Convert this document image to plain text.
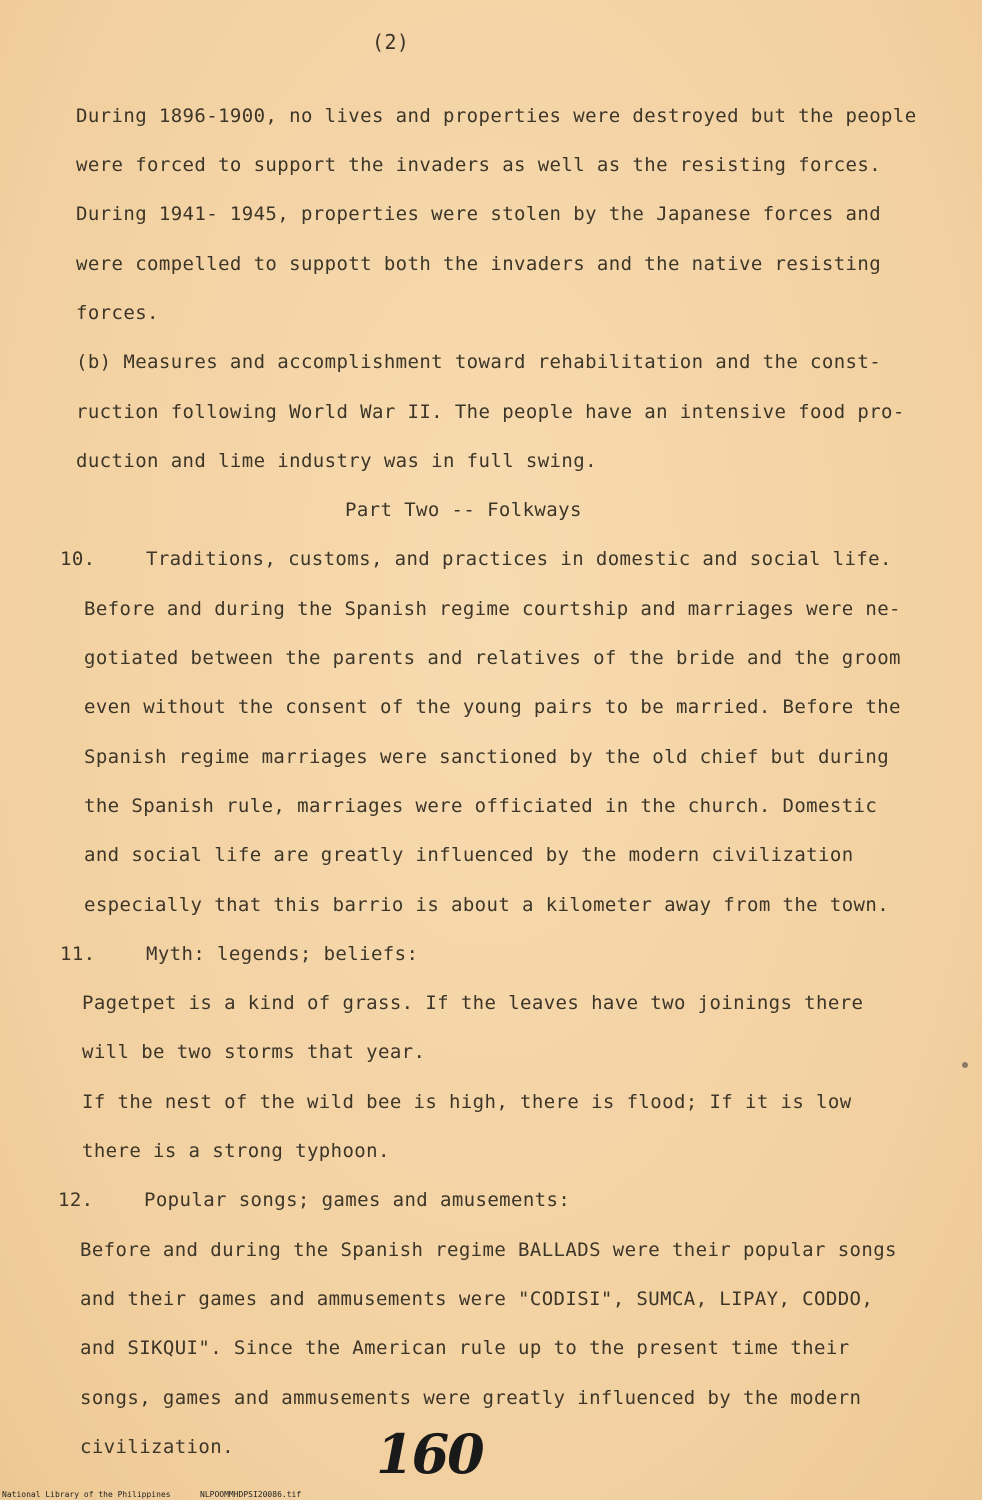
(2)
During 1896-1900, no lives and properties were destroyed but the people
were forced to support the invaders as well as the resisting forces.
During 1941- 1945, properties were stolen by the Japanese forces and
were compelled to suppott both the invaders and the native resisting
forces.
(b) Measures and accomplishment toward rehabilitation and the const-
ruction following World War II. The people have an intensive food pro-
duction and lime industry was in full swing.
Part Two -- Folkways
10.	Traditions, customs, and practices in domestic and social life.
Before and during the Spanish regime courtship and marriages were ne-
gotiated between the parents and relatives of the bride and the groom
even without the consent of the young pairs to be married. Before the
Spanish regime marriages were sanctioned by the old chief but during
the Spanish rule, marriages were officiated in the church. Domestic
and social life are greatly influenced by the modern civilization
especially that this barrio is about a kilometer away from the town.
11.	Myth: legends; beliefs:
Pagetpet is a kind of grass. If the leaves have two joinings there
will be two storms that year.
If the nest of the wild bee is high, there is flood; If it is low
there is a strong typhoon.
12.	Popular songs; games and amusements:
Before and during the Spanish regime BALLADS were their popular songs
and their games and ammusements were "CODISI", SUMCA, LIPAY, CODDO,
and SIKQUI". Since the American rule up to the present time their
songs, games and ammusements were greatly influenced by the modern
civilization.	160
National Library of the Philippines	NLPOOMMHDPSI20086.tif
